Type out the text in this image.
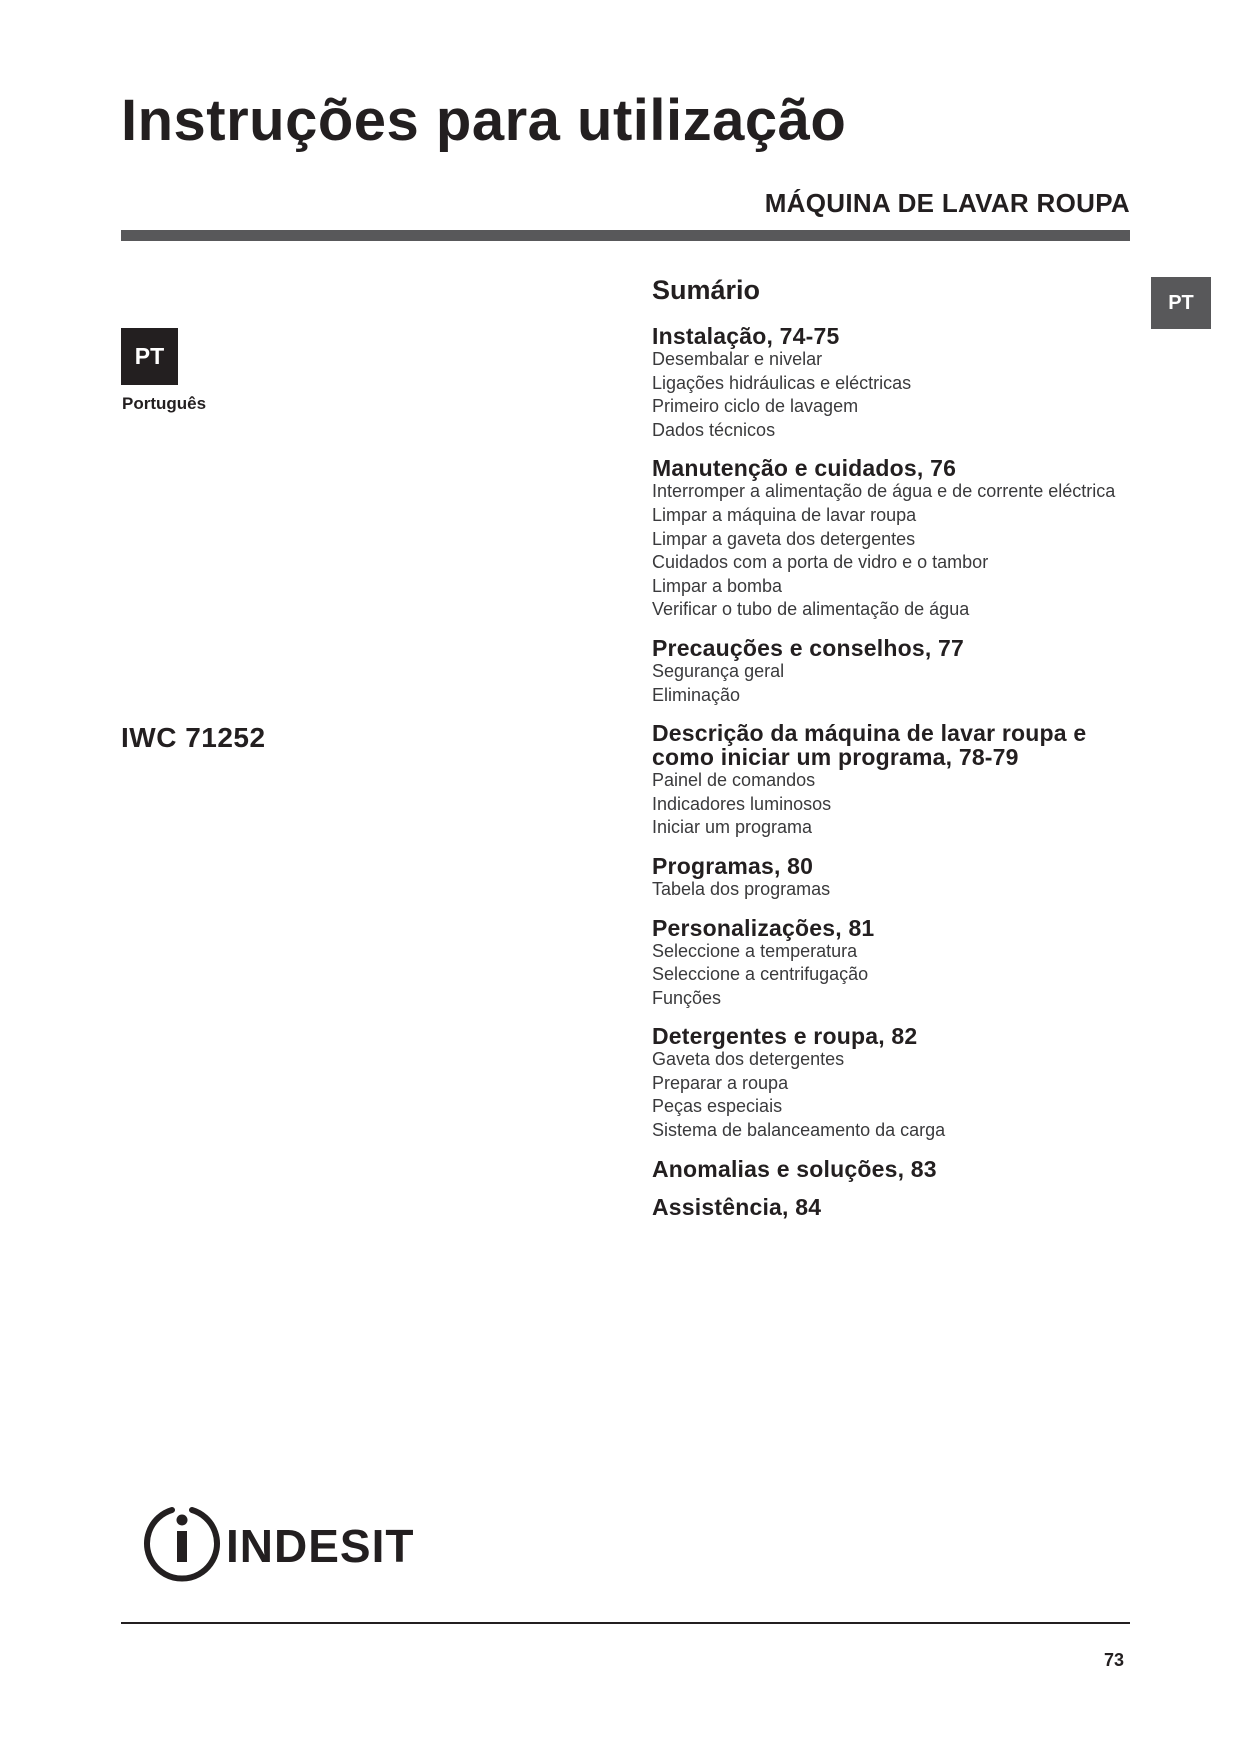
Instruções para utilização
MÁQUINA DE LAVAR ROUPA
PT
Português
PT
IWC 71252
Sumário
Instalação, 74-75
Desembalar e nivelar
Ligações hidráulicas e eléctricas
Primeiro ciclo de lavagem
Dados técnicos
Manutenção e cuidados, 76
Interromper a alimentação de água e de corrente eléctrica
Limpar a máquina de lavar roupa
Limpar a gaveta dos detergentes
Cuidados com a porta de vidro e o tambor
Limpar a bomba
Verificar o tubo de alimentação de água
Precauções e conselhos, 77
Segurança geral
Eliminação
Descrição da máquina de lavar roupa e como iniciar um programa, 78-79
Painel de comandos
Indicadores luminosos
Iniciar um programa
Programas, 80
Tabela dos programas
Personalizações, 81
Seleccione a temperatura
Seleccione a centrifugação
Funções
Detergentes e roupa, 82
Gaveta dos detergentes
Preparar a roupa
Peças especiais
Sistema de balanceamento da carga
Anomalias e soluções, 83
Assistência, 84
INDESIT
73
